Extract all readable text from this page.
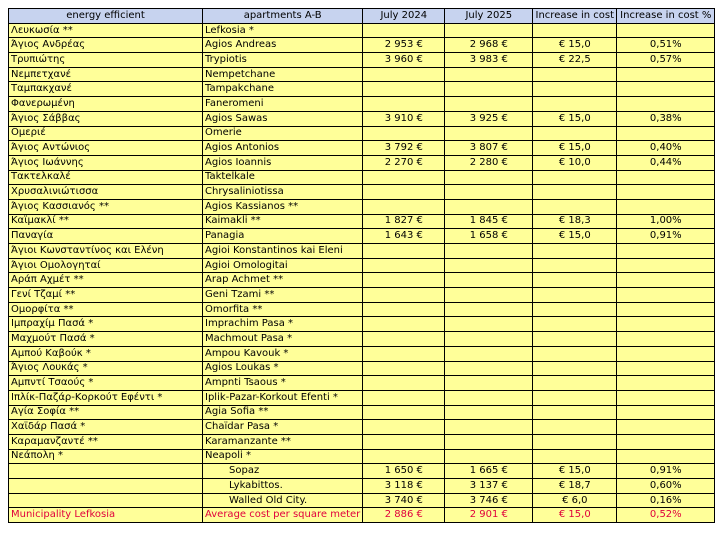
energy efficient	apartments A-B	July 2024	July 2025	Increase in cost	Increase in cost %
Λευκωσία **	Lefkosia *				
Άγιος Ανδρέας	Agios Andreas	2 953 €	2 968 €	€ 15,0	0,51%
Τρυπιώτης	Trypiotis	3 960 €	3 983 €	€ 22,5	0,57%
Νεμπετχανέ	Nempetchane				
Ταμπακχανέ	Tampakchane				
Φανερωμένη	Faneromeni				
Άγιος Σάββας	Agios Sawas	3 910 €	3 925 €	€ 15,0	0,38%
Ομεριέ	Omerie				
Άγιος Αντώνιος	Agios Antonios	3 792 €	3 807 €	€ 15,0	0,40%
Άγιος Ιωάννης	Agios Ioannis	2 270 €	2 280 €	€ 10,0	0,44%
Τακτελκαλέ	Taktelkale				
Χρυσαλινιώτισσα	Chrysaliniotissa				
Άγιος Κασσιανός **	Agios Kassianos **				
Καϊμακλί **	Kaimakli **	1 827 €	1 845 €	€ 18,3	1,00%
Παναγία	Panagia	1 643 €	1 658 €	€ 15,0	0,91%
Άγιοι Κωνσταντίνος και Ελένη	Agioi Konstantinos kai Eleni				
Άγιοι Ομολογηταί	Agioi Omologitai				
Αράπ Αχμέτ **	Arap Achmet **				
Γενί Τζαμί **	Geni Tzami **				
Ομορφίτα **	Omorfita **				
Ιμπραχίμ Πασά *	Imprachim Pasa *				
Μαχμούτ Πασά *	Machmout Pasa *				
Αμπού Καβούκ *	Ampou Kavouk *				
Άγιος Λουκάς *	Agios Loukas *				
Αμπντί Τσαούς *	Ampnti Tsaous *				
Ιπλίκ-Παζάρ-Κορκούτ Εφέντι *	Iplik-Pazar-Korkout Efenti *				
Αγία Σοφία **	Agia Sofia **				
Χαϊδάρ Πασά *	Chaïdar Pasa *				
Καραμανζαντέ **	Karamanzante **				
Νεάπολη *	Neapoli *				
	Sopaz	1 650 €	1 665 €	€ 15,0	0,91%
	Lykabittos.	3 118 €	3 137 €	€ 18,7	0,60%
	Walled Old City.	3 740 €	3 746 €	€ 6,0	0,16%
Municipality Lefkosia	Average cost per square meter	2 886 €	2 901 €	€ 15,0	0,52%
